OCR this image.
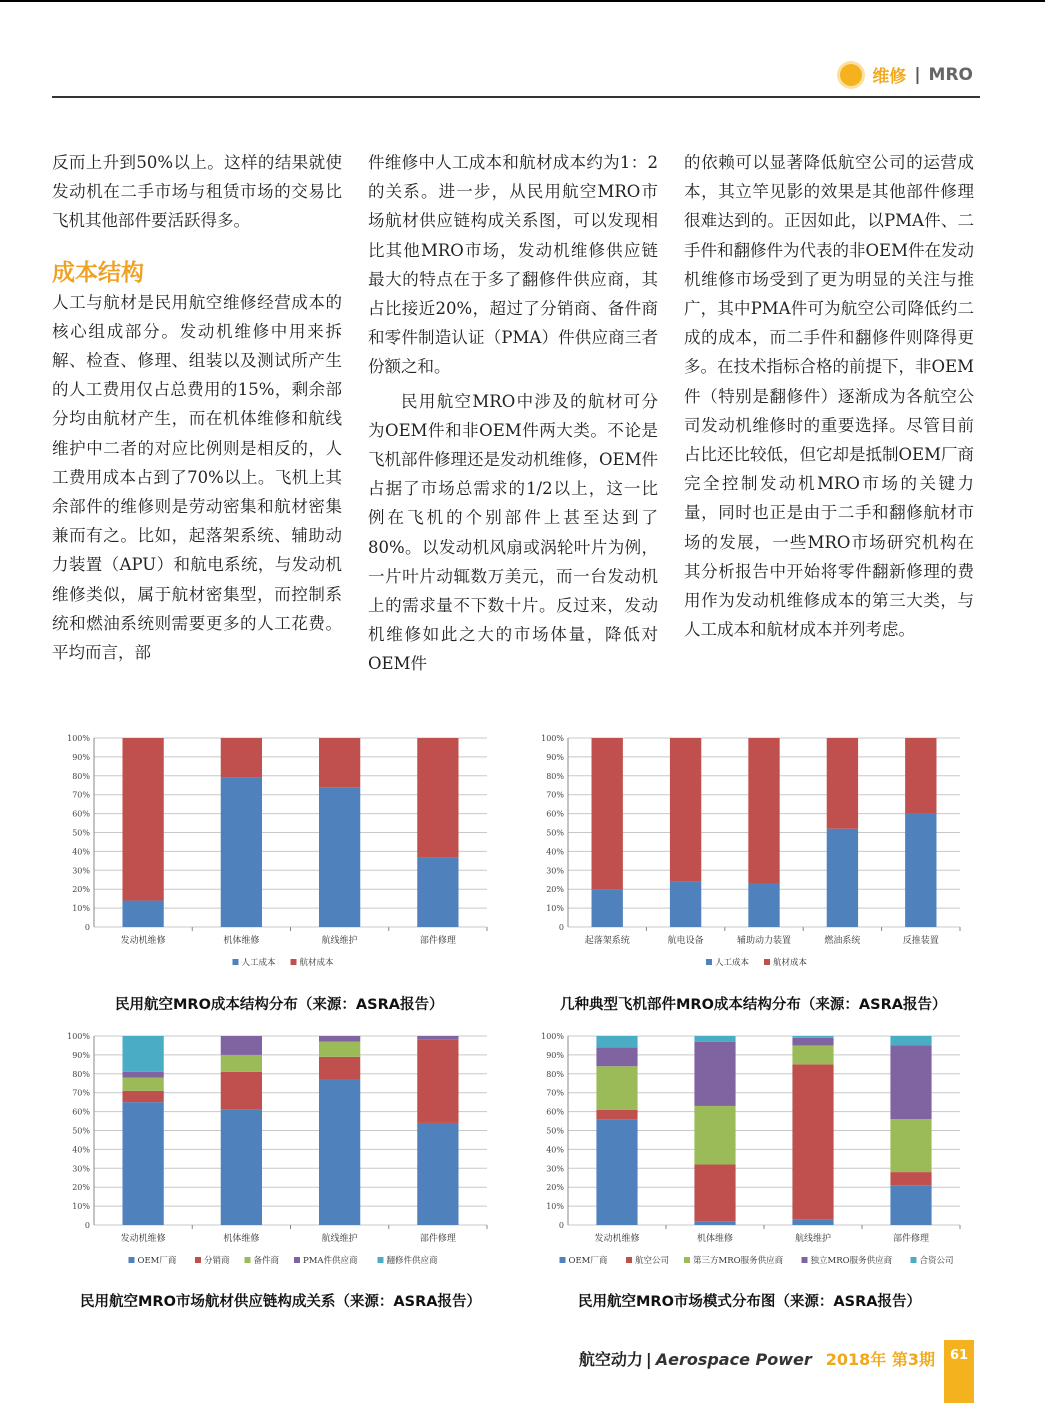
维修 | MRO

反而上升到50%以上。这样的结果就使发动机在二手市场与租赁市场的交易比飞机其他部件要活跃得多。

成本结构

人工与航材是民用航空维修经营成本的核心组成部分。发动机维修中用来拆解、检查、修理、组装以及测试所产生的人工费用仅占总费用的15%，剩余部分均由航材产生，而在机体维修和航线维护中二者的对应比例则是相反的，人工费用成本占到了70%以上。飞机上其余部件的维修则是劳动密集和航材密集兼而有之。比如，起落架系统、辅助动力装置（APU）和航电系统，与发动机维修类似，属于航材密集型，而控制系统和燃油系统则需要更多的人工花费。平均而言，部

件维修中人工成本和航材成本约为1：2的关系。进一步，从民用航空MRO市场航材供应链构成关系图，可以发现相比其他MRO市场，发动机维修供应链最大的特点在于多了翻修件供应商，其占比接近20%，超过了分销商、备件商和零件制造认证（PMA）件供应商三者份额之和。

民用航空MRO中涉及的航材可分为OEM件和非OEM件两大类。不论是飞机部件修理还是发动机维修，OEM件占据了市场总需求的1/2以上，这一比例在飞机的个别部件上甚至达到了80%。以发动机风扇或涡轮叶片为例，一片叶片动辄数万美元，而一台发动机上的需求量不下数十片。反过来，发动机维修如此之大的市场体量，降低对OEM件

的依赖可以显著降低航空公司的运营成本，其立竿见影的效果是其他部件修理很难达到的。正因如此，以PMA件、二手件和翻修件为代表的非OEM件在发动机维修市场受到了更为明显的关注与推广，其中PMA件可为航空公司降低约二成的成本，而二手件和翻修件则降得更多。在技术指标合格的前提下，非OEM件（特别是翻修件）逐渐成为各航空公司发动机维修时的重要选择。尽管目前占比还比较低，但它却是抵制OEM厂商完全控制发动机MRO市场的关键力量，同时也正是由于二手和翻修航材市场的发展，一些MRO市场研究机构在其分析报告中开始将零件翻新修理的费用作为发动机维修成本的第三大类，与人工成本和航材成本并列考虑。

0
10%
20%
30%
40%
50%
60%
70%
80%
90%
100%
发动机维修	机体维修	航线维护	部件修理
人工成本	航材成本
民用航空MRO成本结构分布（来源：ASRA报告）
0
10%
20%
30%
40%
50%
60%
70%
80%
90%
100%
起落架系统	航电设备	辅助动力装置	燃油系统	反推装置
人工成本	航材成本
几种典型飞机部件MRO成本结构分布（来源：ASRA报告）
0
10%
20%
30%
40%
50%
60%
70%
80%
90%
100%
发动机维修	机体维修	航线维护	部件修理
OEM厂商	分销商	备件商	PMA件供应商	翻修件供应商
民用航空MRO市场航材供应链构成关系（来源：ASRA报告）
0
10%
20%
30%
40%
50%
60%
70%
80%
90%
100%
发动机维修	机体维修	航线维护	部件修理
OEM厂商	航空公司	第三方MRO服务供应商	独立MRO服务供应商	合资公司
民用航空MRO市场模式分布图（来源：ASRA报告）
航空动力 | Aerospace Power 2018年 第3期	61
